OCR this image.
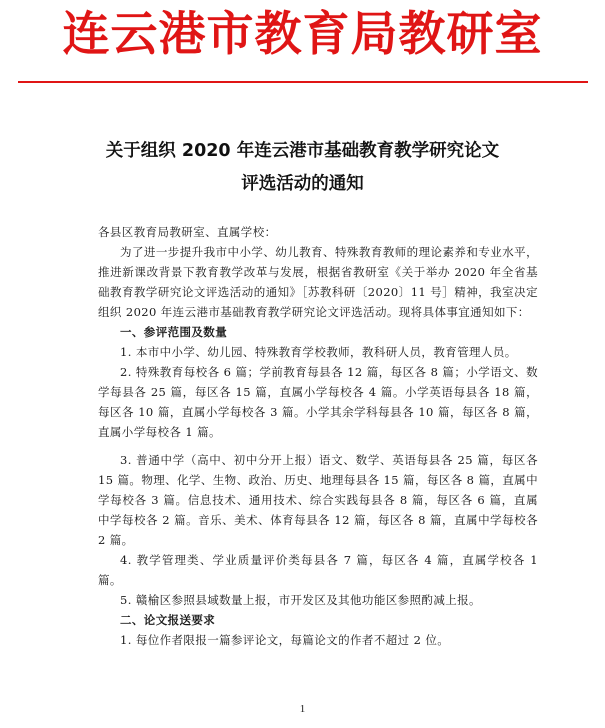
连云港市教育局教研室
关于组织 2020 年连云港市基础教育教学研究论文
评选活动的通知

各县区教育局教研室、直属学校：

为了进一步提升我市中小学、幼儿教育、特殊教育教师的理论素养和专业水平，推进新课改背景下教育教学改革与发展，根据省教研室《关于举办 2020 年全省基础教育教学研究论文评选活动的通知》［苏教科研〔2020〕11 号］精神，我室决定组织 2020 年连云港市基础教育教学研究论文评选活动。现将具体事宜通知如下：

一、参评范围及数量

1. 本市中小学、幼儿园、特殊教育学校教师，教科研人员，教育管理人员。

2. 特殊教育每校各 6 篇；学前教育每县各 12 篇，每区各 8 篇；小学语文、数学每县各 25 篇，每区各 15 篇，直属小学每校各 4 篇。小学英语每县各 18 篇，每区各 10 篇，直属小学每校各 3 篇。小学其余学科每县各 10 篇，每区各 8 篇，直属小学每校各 1 篇。

3. 普通中学（高中、初中分开上报）语文、数学、英语每县各 25 篇，每区各 15 篇。物理、化学、生物、政治、历史、地理每县各 15 篇，每区各 8 篇，直属中学每校各 3 篇。信息技术、通用技术、综合实践每县各 8 篇，每区各 6 篇，直属中学每校各 2 篇。音乐、美术、体育每县各 12 篇，每区各 8 篇，直属中学每校各 2 篇。

4. 教学管理类、学业质量评价类每县各 7 篇，每区各 4 篇，直属学校各 1 篇。

5. 赣榆区参照县域数量上报，市开发区及其他功能区参照酌减上报。

二、论文报送要求

1. 每位作者限报一篇参评论文，每篇论文的作者不超过 2 位。

1
